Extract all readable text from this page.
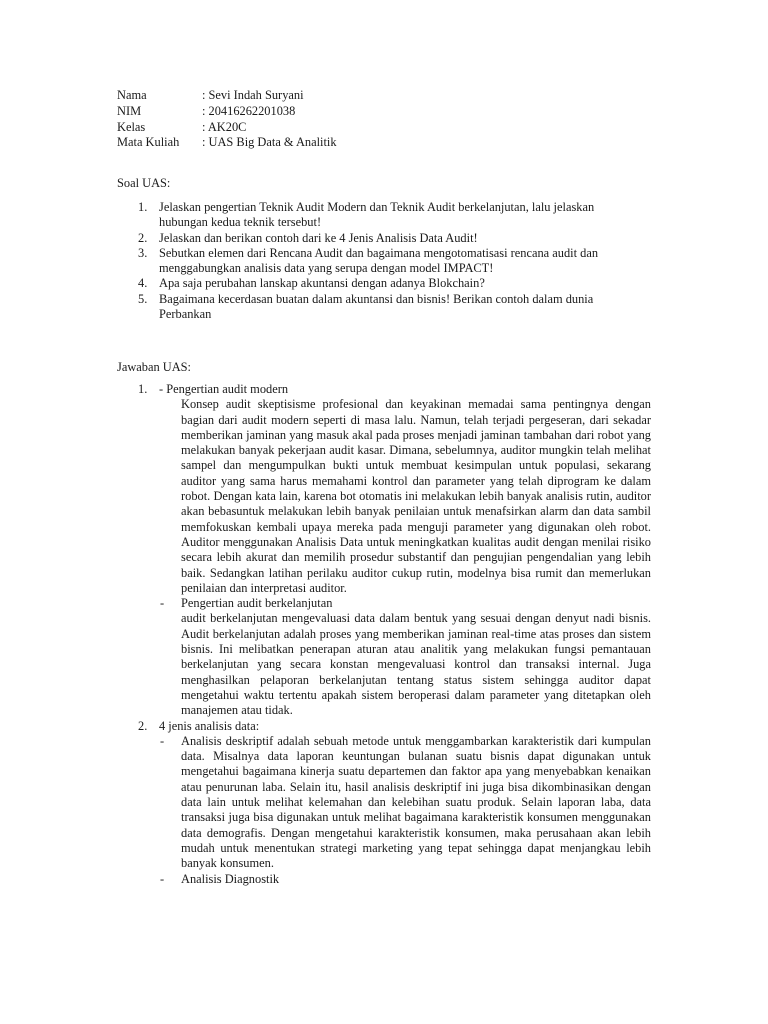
Nama	: Sevi Indah Suryani
NIM	: 20416262201038
Kelas	: AK20C
Mata Kuliah : UAS Big Data & Analitik
Soal UAS:
1. Jelaskan pengertian Teknik Audit Modern dan Teknik Audit berkelanjutan, lalu jelaskan hubungan kedua teknik tersebut!
2. Jelaskan dan berikan contoh dari ke 4 Jenis Analisis Data Audit!
3. Sebutkan elemen dari Rencana Audit dan bagaimana mengotomatisasi rencana audit dan menggabungkan analisis data yang serupa dengan model IMPACT!
4. Apa saja perubahan lanskap akuntansi dengan adanya Blokchain?
5. Bagaimana kecerdasan buatan dalam akuntansi dan bisnis! Berikan contoh dalam dunia Perbankan
Jawaban UAS:
1. - Pengertian audit modern
Konsep audit skeptisisme profesional dan keyakinan memadai sama pentingnya dengan bagian dari audit modern seperti di masa lalu. Namun, telah terjadi pergeseran, dari sekadar memberikan jaminan yang masuk akal pada proses menjadi jaminan tambahan dari robot yang melakukan banyak pekerjaan audit kasar. Dimana, sebelumnya, auditor mungkin telah melihat sampel dan mengumpulkan bukti untuk membuat kesimpulan untuk populasi, sekarang auditor yang sama harus memahami kontrol dan parameter yang telah diprogram ke dalam robot. Dengan kata lain, karena bot otomatis ini melakukan lebih banyak analisis rutin, auditor akan bebasuntuk melakukan lebih banyak penilaian untuk menafsirkan alarm dan data sambil memfokuskan kembali upaya mereka pada menguji parameter yang digunakan oleh robot. Auditor menggunakan Analisis Data untuk meningkatkan kualitas audit dengan menilai risiko secara lebih akurat dan memilih prosedur substantif dan pengujian pengendalian yang lebih baik. Sedangkan latihan perilaku auditor cukup rutin, modelnya bisa rumit dan memerlukan penilaian dan interpretasi auditor.
- Pengertian audit berkelanjutan
audit berkelanjutan mengevaluasi data dalam bentuk yang sesuai dengan denyut nadi bisnis. Audit berkelanjutan adalah proses yang memberikan jaminan real-time atas proses dan sistem bisnis. Ini melibatkan penerapan aturan atau analitik yang melakukan fungsi pemantauan berkelanjutan yang secara konstan mengevaluasi kontrol dan transaksi internal. Juga menghasilkan pelaporan berkelanjutan tentang status sistem sehingga auditor dapat mengetahui waktu tertentu apakah sistem beroperasi dalam parameter yang ditetapkan oleh manajemen atau tidak.
2. 4 jenis analisis data:
- Analisis deskriptif adalah sebuah metode untuk menggambarkan karakteristik dari kumpulan data. Misalnya data laporan keuntungan bulanan suatu bisnis dapat digunakan untuk mengetahui bagaimana kinerja suatu departemen dan faktor apa yang menyebabkan kenaikan atau penurunan laba. Selain itu, hasil analisis deskriptif ini juga bisa dikombinasikan dengan data lain untuk melihat kelemahan dan kelebihan suatu produk. Selain laporan laba, data transaksi juga bisa digunakan untuk melihat bagaimana karakteristik konsumen menggunakan data demografis. Dengan mengetahui karakteristik konsumen, maka perusahaan akan lebih mudah untuk menentukan strategi marketing yang tepat sehingga dapat menjangkau lebih banyak konsumen.
- Analisis Diagnostik
